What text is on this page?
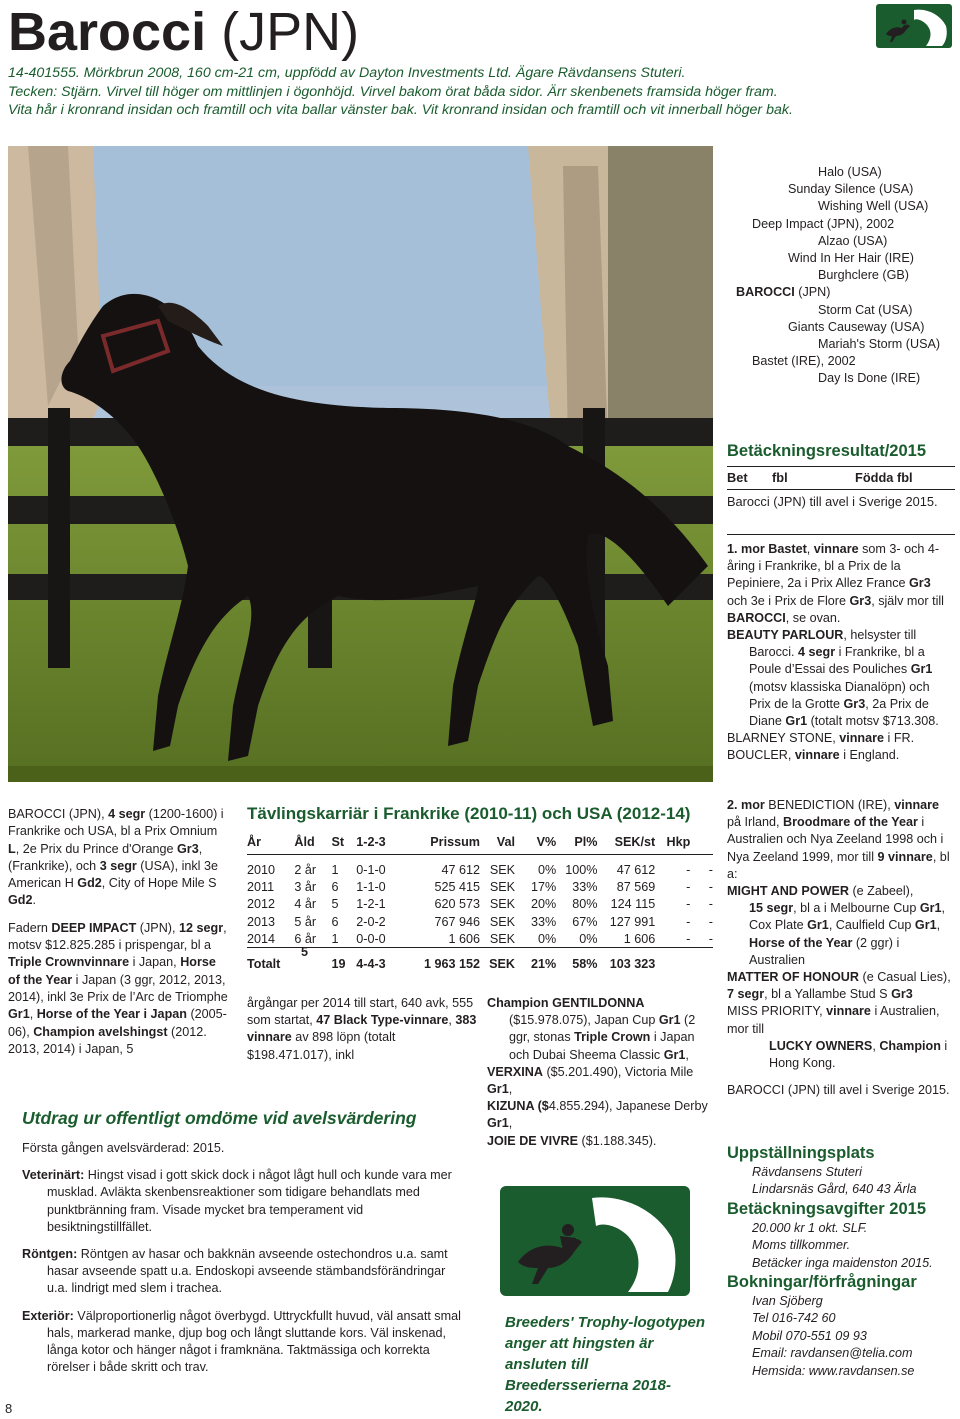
Barocci (JPN)
14-401555. Mörkbrun 2008, 160 cm-21 cm, uppfödd av Dayton Investments Ltd. Ägare Rävdansens Stuteri.
Tecken: Stjärn. Virvel till höger om mittlinjen i ögonhöjd. Virvel bakom örat båda sidor. Ärr skenbenets framsida höger fram.
Vita hår i kronrand insidan och framtill och vita ballar vänster bak. Vit kronrand insidan och framtill och vit innerball höger bak.
Halo (USA)
Sunday Silence (USA)
Wishing Well (USA)
Deep Impact (JPN), 2002
Alzao (USA)
Wind In Her Hair (IRE)
Burghclere (GB)
BAROCCI (JPN)
Storm Cat (USA)
Giants Causeway (USA)
Mariah's Storm (USA)
Bastet (IRE), 2002
Day Is Done (IRE)
Betäckningsresultat/2015
Bet fbl	Födda fbl
Barocci (JPN) till avel i Sverige 2015.

1. mor Bastet, vinnare som 3- och 4-åring i Frankrike, bl a Prix de la Pepiniere, 2a i Prix Allez France Gr3 och 3e i Prix de Flore Gr3, själv mor till BAROCCI, se ovan.

BEAUTY PARLOUR, helsyster till

Barocci. 4 segr i Frankrike, bl a Poule d’Essai des Pouliches Gr1 (motsv klassiska Dianalöpn) och Prix de la Grotte Gr3, 2a Prix de Diane Gr1 (totalt motsv $713.308.

BLARNEY STONE, vinnare i FR.

BOUCLER, vinnare i England.

BAROCCI (JPN), 4 segr (1200-1600) i Frankrike och USA, bl a Prix Omnium L, 2e Prix du Prince d'Orange Gr3, (Frankrike), och 3 segr (USA), inkl 3e American H Gd2, City of Hope Mile S Gd2.

Fadern DEEP IMPACT (JPN), 12 segr, motsv $12.825.285 i prispengar, bl a Triple Crownvinnare i Japan, Horse of the Year i Japan (3 ggr, 2012, 2013, 2014), inkl 3e Prix de l’Arc de Triomphe Gr1, Horse of the Year i Japan (2005-06), Champion avelshingst (2012. 2013, 2014) i Japan, 5

Tävlingskarriär i Frankrike (2010-11) och USA (2012-14)
År	Åld	St	1-2-3	Prissum	Val	V%	Pl%	SEK/st	Hkp	
2010	2 år	1	0-1-0	47 612	SEK	0%	100%	47 612	-	-
2011	3 år	6	1-1-0	525 415	SEK	17%	33%	87 569	-	-
2012	4 år	5	1-2-1	620 573	SEK	20%	80%	124 115	-	-
2013	5 år	6	2-0-2	767 946	SEK	33%	67%	127 991	-	-
2014	6 år	1	0-0-0	1 606	SEK	0%	0%	1 606	-	-
Totalt		19	4-4-3	1 963 152	SEK	21%	58%	103 323		
5
årgångar per 2014 till start, 640 avk, 555 som startat, 47 Black Type-vinnare, 383 vinnare av 898 löpn (totalt $198.471.017), inkl

Champion GENTILDONNA

($15.978.075), Japan Cup Gr1 (2 ggr, stonas Triple Crown i Japan och Dubai Sheema Classic Gr1,

VERXINA ($5.201.490), Victoria Mile Gr1,

KIZUNA ($4.855.294), Japanese Derby Gr1,

JOIE DE VIVRE ($1.188.345).

Breeders' Trophy-logotypen anger att hingsten är ansluten till Breedersserierna 2018-2020.
Utdrag ur offentligt omdöme vid avelsvärdering

Första gången avelsvärderad: 2015.

Veterinärt: Hingst visad i gott skick dock i något lågt hull och kunde vara mer musklad. Avläkta skenbensreaktioner som tidigare behandlats med punktbränning fram. Visade mycket bra temperament vid besiktningstillfället.

Röntgen: Röntgen av hasar och bakknän avseende ostechondros u.a. samt hasar avseende spatt u.a. Endoskopi avseende stämbandsförändringar u.a. lindrigt med slem i trachea.

Exteriör: Välproportionerlig något överbygd. Uttryckfullt huvud, väl ansatt smal hals, markerad manke, djup bog och långt sluttande kors. Väl inskenad, långa kotor och hänger något i framknäna. Taktmässiga och korrekta rörelser i både skritt och trav.

2. mor BENEDICTION (IRE), vinnare på Irland, Broodmare of the Year i Australien och Nya Zeeland 1998 och i Nya Zeeland 1999, mor till 9 vinnare, bl a:

MIGHT AND POWER (e Zabeel),

15 segr, bl a i Melbourne Cup Gr1, Cox Plate Gr1, Caulfield Cup Gr1, Horse of the Year (2 ggr) i Australien

MATTER OF HONOUR (e Casual Lies), 7 segr, bl a Yallambe Stud S Gr3

MISS PRIORITY, vinnare i Australien, mor till

LUCKY OWNERS, Champion i Hong Kong.

BAROCCI (JPN) till avel i Sverige 2015.

Uppställningsplats
Rävdansens Stuteri
Lindarsnäs Gård, 640 43 Ärla
Betäckningsavgifter 2015
20.000 kr 1 okt. SLF.
Moms tillkommer.
Betäcker inga maidenston 2015.
Bokningar/förfrågningar
Ivan Sjöberg
Tel 016-742 60
Mobil 070-551 09 93
Email: ravdansen@telia.com
Hemsida: www.ravdansen.se
8
